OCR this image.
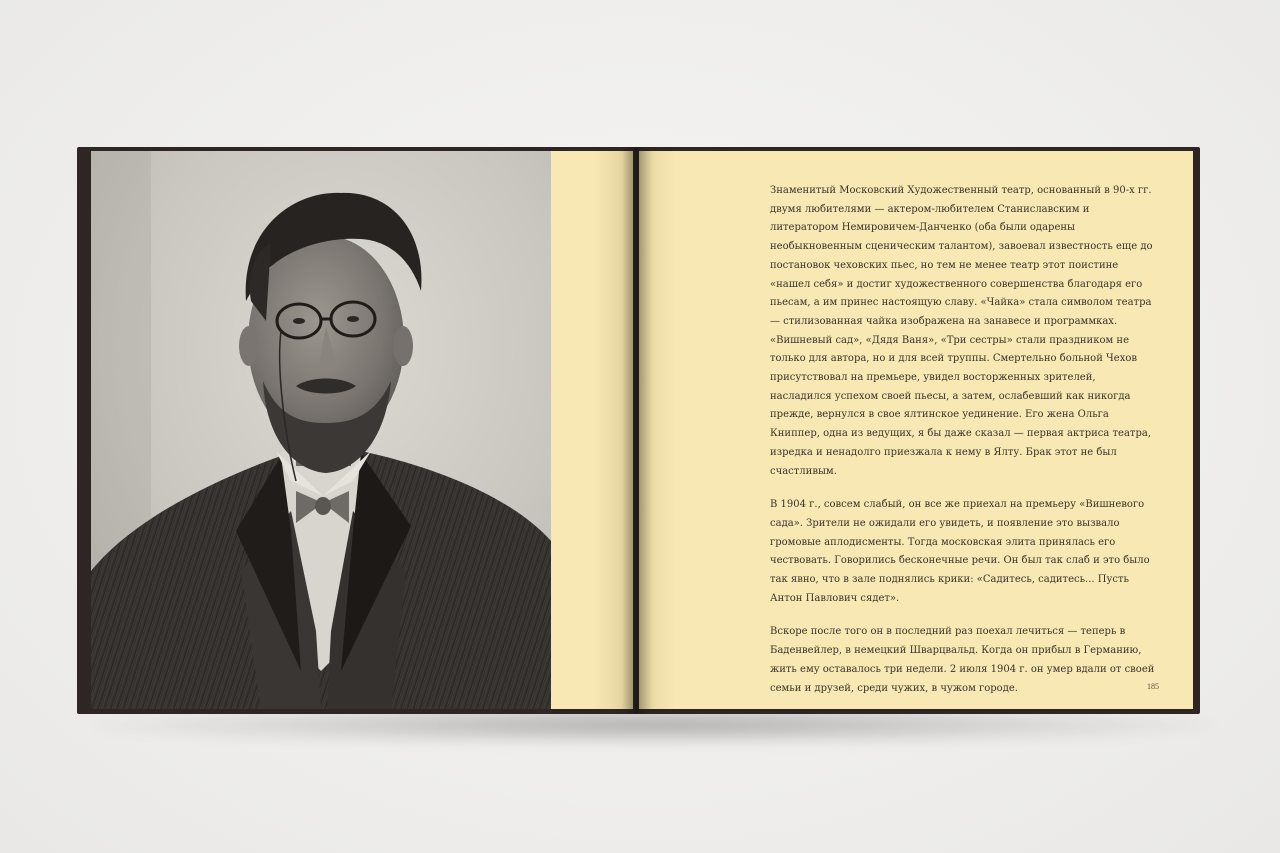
Знаменитый Московский Художественный театр, основанный в 90-х гг. двумя любителями — актером-любителем Станиславским и литератором Немировичем-Данченко (оба были одарены необыкновенным сценическим талантом), завоевал известность еще до постановок чеховских пьес, но тем не менее театр этот поистине «нашел себя» и достиг художественного совершенства благодаря его пьесам, а им принес настоящую славу. «Чайка» стала символом театра — стилизованная чайка изображена на занавесе и программках. «Вишневый сад», «Дядя Ваня», «Три сестры» стали праздником не только для автора, но и для всей труппы. Смертельно больной Чехов присутствовал на премьере, увидел восторженных зрителей, насладился успехом своей пьесы, а затем, ослабевший как никогда прежде, вернулся в свое ялтинское уединение. Его жена Ольга Книппер, одна из ведущих, я бы даже сказал — первая актриса театра, изредка и ненадолго приезжала к нему в Ялту. Брак этот не был счастливым.

В 1904 г., совсем слабый, он все же приехал на премьеру «Вишневого сада». Зрители не ожидали его увидеть, и появление это вызвало громовые аплодисменты. Тогда московская элита принялась его чествовать. Говорились бесконечные речи. Он был так слаб и это было так явно, что в зале поднялись крики: «Садитесь, садитесь... Пусть Антон Павлович сядет».

Вскоре после того он в последний раз поехал лечиться — теперь в Баденвейлер, в немецкий Шварцвальд. Когда он прибыл в Германию, жить ему оставалось три недели. 2 июля 1904 г. он умер вдали от своей семьи и друзей, среди чужих, в чужом городе.	185
